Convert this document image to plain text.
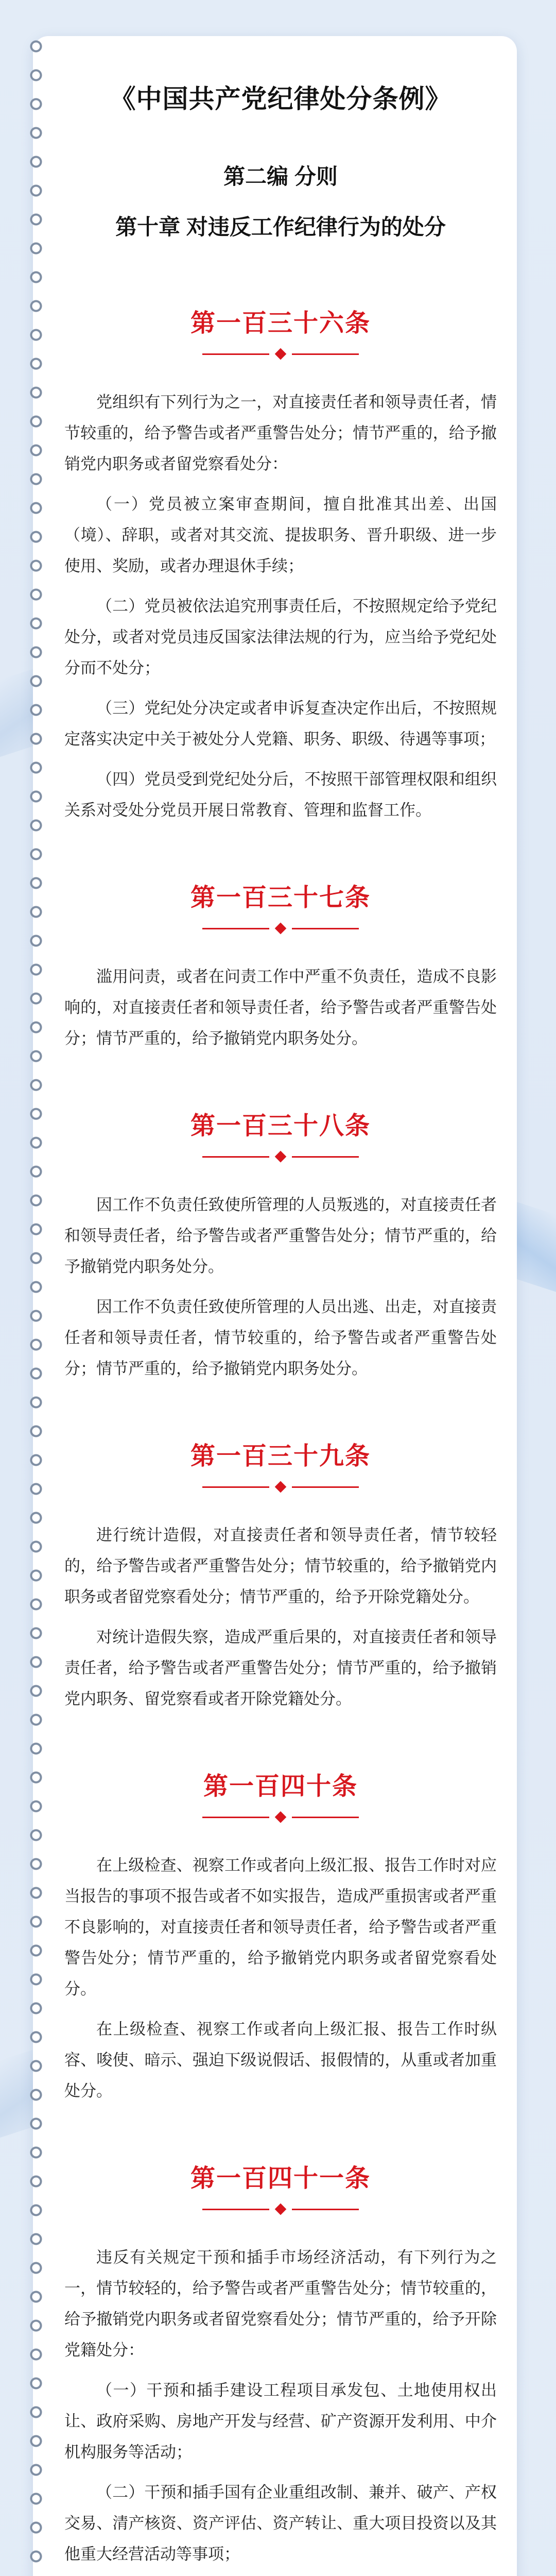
《中国共产党纪律处分条例》
第二编 分则
第十章 对违反工作纪律行为的处分
第一百三十六条

党组织有下列行为之一，对直接责任者和领导责任者，情节较重的，给予警告或者严重警告处分；情节严重的，给予撤销党内职务或者留党察看处分：

（一）党员被立案审查期间，擅自批准其出差、出国（境）、辞职，或者对其交流、提拔职务、晋升职级、进一步使用、奖励，或者办理退休手续；

（二）党员被依法追究刑事责任后，不按照规定给予党纪处分，或者对党员违反国家法律法规的行为，应当给予党纪处分而不处分；

（三）党纪处分决定或者申诉复查决定作出后，不按照规定落实决定中关于被处分人党籍、职务、职级、待遇等事项；

（四）党员受到党纪处分后，不按照干部管理权限和组织关系对受处分党员开展日常教育、管理和监督工作。

第一百三十七条

滥用问责，或者在问责工作中严重不负责任，造成不良影响的，对直接责任者和领导责任者，给予警告或者严重警告处分；情节严重的，给予撤销党内职务处分。

第一百三十八条

因工作不负责任致使所管理的人员叛逃的，对直接责任者和领导责任者，给予警告或者严重警告处分；情节严重的，给予撤销党内职务处分。

因工作不负责任致使所管理的人员出逃、出走，对直接责任者和领导责任者，情节较重的，给予警告或者严重警告处分；情节严重的，给予撤销党内职务处分。

第一百三十九条

进行统计造假，对直接责任者和领导责任者，情节较轻的，给予警告或者严重警告处分；情节较重的，给予撤销党内职务或者留党察看处分；情节严重的，给予开除党籍处分。

对统计造假失察，造成严重后果的，对直接责任者和领导责任者，给予警告或者严重警告处分；情节严重的，给予撤销党内职务、留党察看或者开除党籍处分。

第一百四十条

在上级检查、视察工作或者向上级汇报、报告工作时对应当报告的事项不报告或者不如实报告，造成严重损害或者严重不良影响的，对直接责任者和领导责任者，给予警告或者严重警告处分；情节严重的，给予撤销党内职务或者留党察看处分。

在上级检查、视察工作或者向上级汇报、报告工作时纵容、唆使、暗示、强迫下级说假话、报假情的，从重或者加重处分。

第一百四十一条

违反有关规定干预和插手市场经济活动，有下列行为之一，情节较轻的，给予警告或者严重警告处分；情节较重的，给予撤销党内职务或者留党察看处分；情节严重的，给予开除党籍处分：

（一）干预和插手建设工程项目承发包、土地使用权出让、政府采购、房地产开发与经营、矿产资源开发利用、中介机构服务等活动；

（二）干预和插手国有企业重组改制、兼并、破产、产权交易、清产核资、资产评估、资产转让、重大项目投资以及其他重大经营活动等事项；
